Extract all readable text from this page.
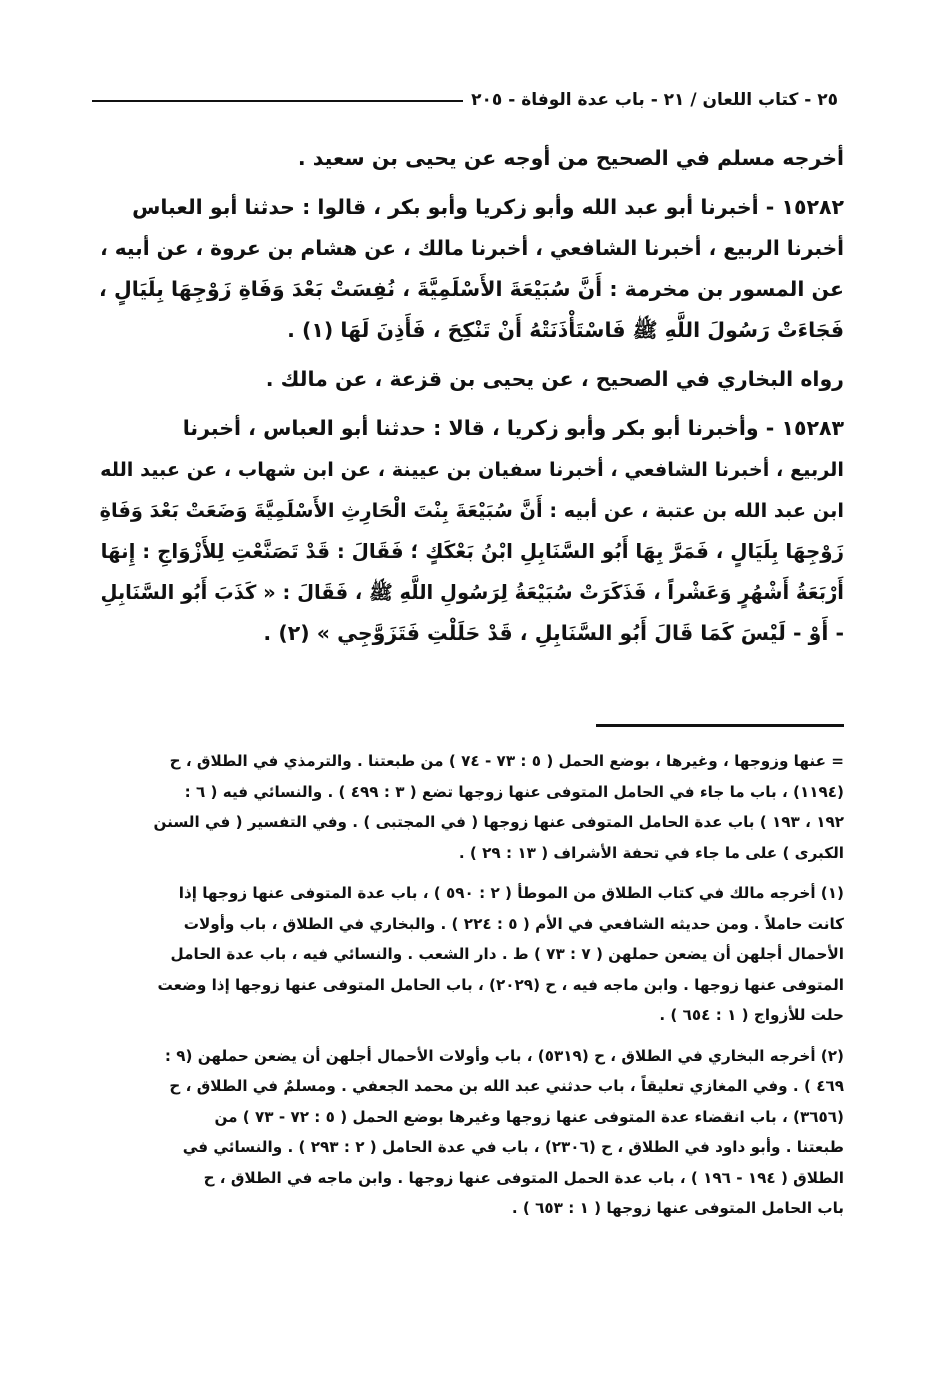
٢٥ - كتاب اللعان / ٢١ - باب عدة الوفاة - ٢٠٥

أخرجه مسلم في الصحيح من أوجه عن يحيى بن سعيد .

١٥٢٨٢ - أخبرنا أبو عبد الله وأبو زكريا وأبو بكر ، قالوا : حدثنا أبو العباس
أخبرنا الربيع ، أخبرنا الشافعي ، أخبرنا مالك ، عن هشام بن عروة ، عن أبيه ،
عن المسور بن مخرمة : أَنَّ سُبَيْعَةَ الأَسْلَمِيَّةَ ، نُفِسَتْ بَعْدَ وَفَاةِ زَوْجِهَا بِلَيَالٍ ،
فَجَاءَتْ رَسُولَ اللَّهِ ﷺ فَاسْتَأْذَنَتْهُ أَنْ تَنْكِحَ ، فَأَذِنَ لَهَا (١) .

رواه البخاري في الصحيح ، عن يحيى بن قزعة ، عن مالك .

١٥٢٨٣ - وأخبرنا أبو بكر وأبو زكريا ، قالا : حدثنا أبو العباس ، أخبرنا
الربيع ، أخبرنا الشافعي ، أخبرنا سفيان بن عيينة ، عن ابن شهاب ، عن عبيد الله
ابن عبد الله بن عتبة ، عن أبيه : أَنَّ سُبَيْعَةَ بِنْتَ الْحَارِثِ الأَسْلَمِيَّةَ وَضَعَتْ بَعْدَ وَفَاةِ
زَوْجِهَا بِلَيَالٍ ، فَمَرَّ بِهَا أَبُو السَّنَابِلِ ابْنُ بَعْكَكٍ ؛ فَقَالَ : قَدْ تَصَنَّعْتِ لِلأَزْوَاجِ : إِنهَا
أَرْبَعَةُ أَشْهُرٍ وَعَشْراً ، فَذَكَرَتْ سُبَيْعَةُ لِرَسُولِ اللَّهِ ﷺ ، فَقَالَ : « كَذَبَ أَبُو السَّنَابِلِ
- أَوْ - لَيْسَ كَمَا قَالَ أَبُو السَّنَابِلِ ، قَدْ حَلَلْتِ فَتَزَوَّجِي » (٢) .

= عنها وزوجها ، وغيرها ، بوضع الحمل ( ٥ : ٧٣ - ٧٤ ) من طبعتنا . والترمذي في الطلاق ، ح
(١١٩٤) ، باب ما جاء في الحامل المتوفى عنها زوجها تضع ( ٣ : ٤٩٩ ) . والنسائي فيه ( ٦ :
١٩٢ ، ١٩٣ ) باب عدة الحامل المتوفى عنها زوجها ( في المجتبى ) . وفي التفسير ( في السنن
الكبرى ) على ما جاء في تحفة الأشراف ( ١٣ : ٢٩ ) .

(١) أخرجه مالك في كتاب الطلاق من الموطأ ( ٢ : ٥٩٠ ) ، باب عدة المتوفى عنها زوجها إذا
كانت حاملاً . ومن حديثه الشافعي في الأم ( ٥ : ٢٢٤ ) . والبخاري في الطلاق ، باب وأولات
الأحمال أجلهن أن يضعن حملهن ( ٧ : ٧٣ ) ط . دار الشعب . والنسائي فيه ، باب عدة الحامل
المتوفى عنها زوجها . وابن ماجه فيه ، ح (٢٠٢٩) ، باب الحامل المتوفى عنها زوجها إذا وضعت
حلت للأزواج ( ١ : ٦٥٤ ) .

(٢) أخرجه البخاري في الطلاق ، ح (٥٣١٩) ، باب وأولات الأحمال أجلهن أن يضعن حملهن (٩ :
٤٦٩ ) . وفي المغازي تعليقاً ، باب حدثني عبد الله بن محمد الجعفي . ومسلمٌ في الطلاق ، ح
(٣٦٥٦) ، باب انقضاء عدة المتوفى عنها زوجها وغيرها بوضع الحمل ( ٥ : ٧٢ - ٧٣ ) من
طبعتنا . وأبو داود في الطلاق ، ح (٢٣٠٦) ، باب في عدة الحامل ( ٢ : ٢٩٣ ) . والنسائي في
الطلاق ( ١٩٤ - ١٩٦ ) ، باب عدة الحمل المتوفى عنها زوجها . وابن ماجه في الطلاق ، ح
باب الحامل المتوفى عنها زوجها ( ١ : ٦٥٣ ) .
